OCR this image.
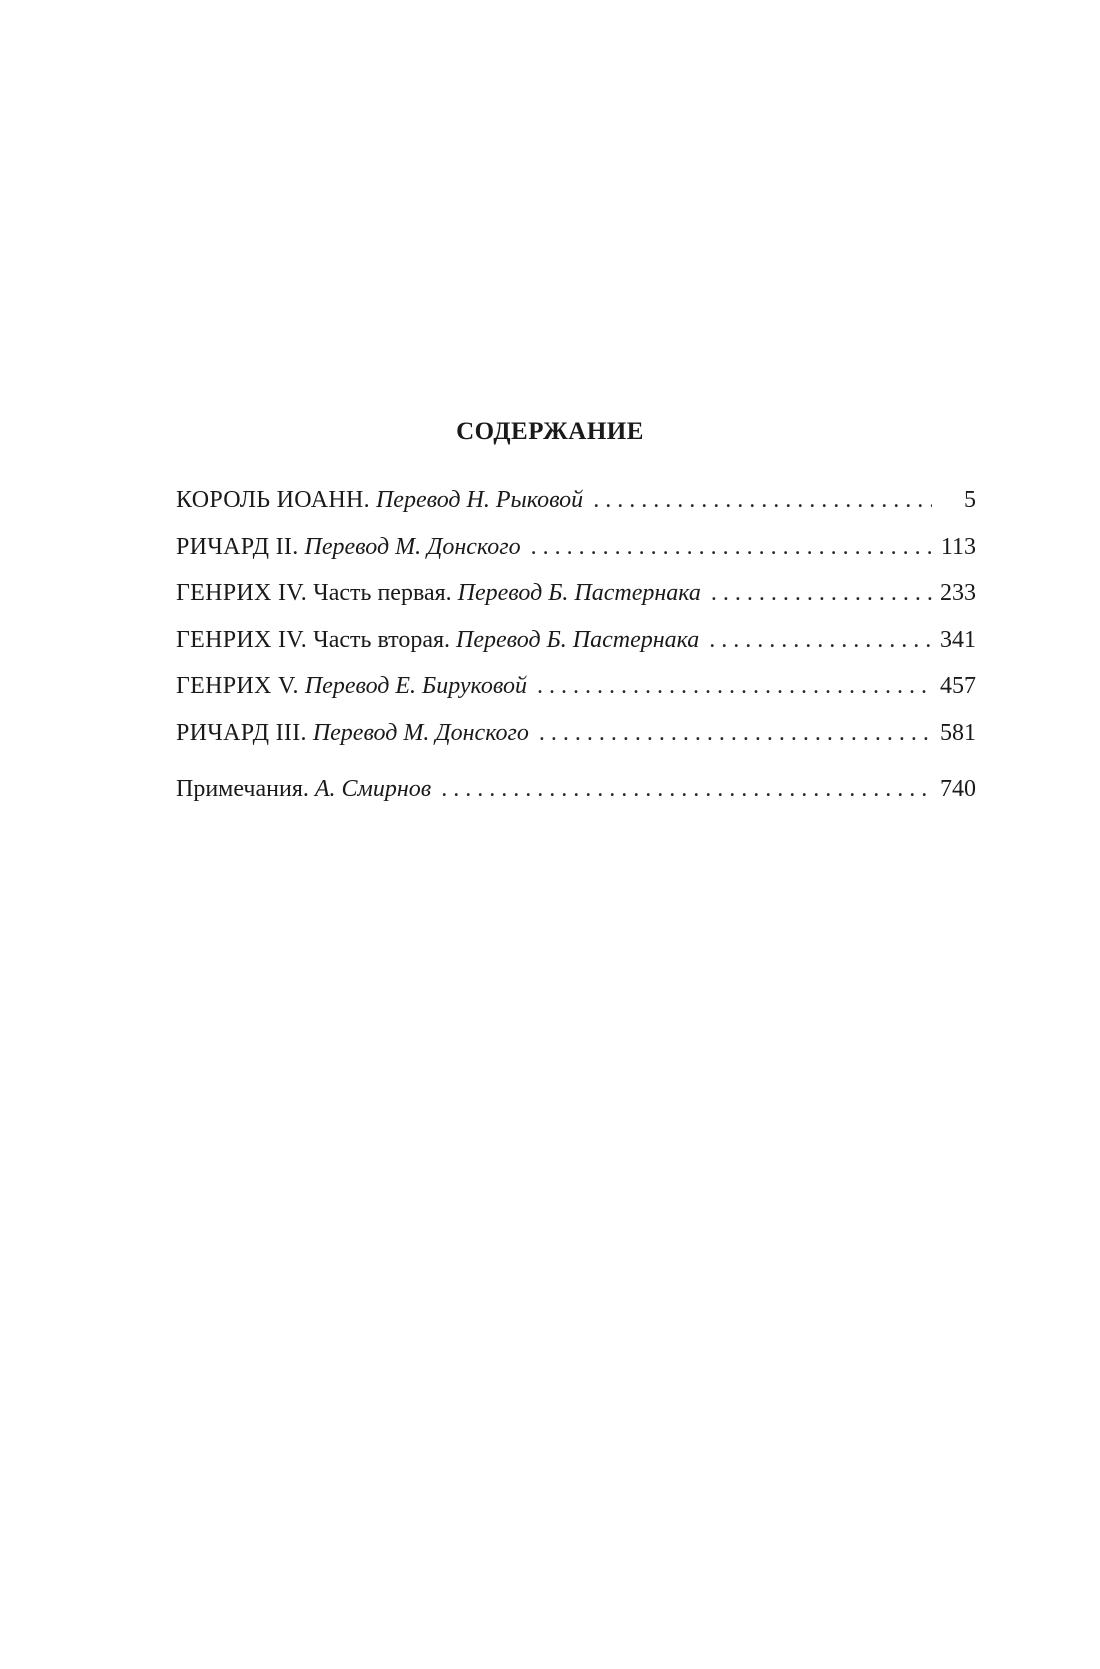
СОДЕРЖАНИЕ
КОРОЛЬ ИОАНН. Перевод Н. Рыковой . . .	5
РИЧАРД II. Перевод М. Донского . . .	113
ГЕНРИХ IV. Часть первая. Перевод Б. Пастернака . . .	233
ГЕНРИХ IV. Часть вторая. Перевод Б. Пастернака . . .	341
ГЕНРИХ V. Перевод Е. Бируковой . . .	457
РИЧАРД III. Перевод М. Донского . . .	581
Примечания. А. Смирнов . . .	740
